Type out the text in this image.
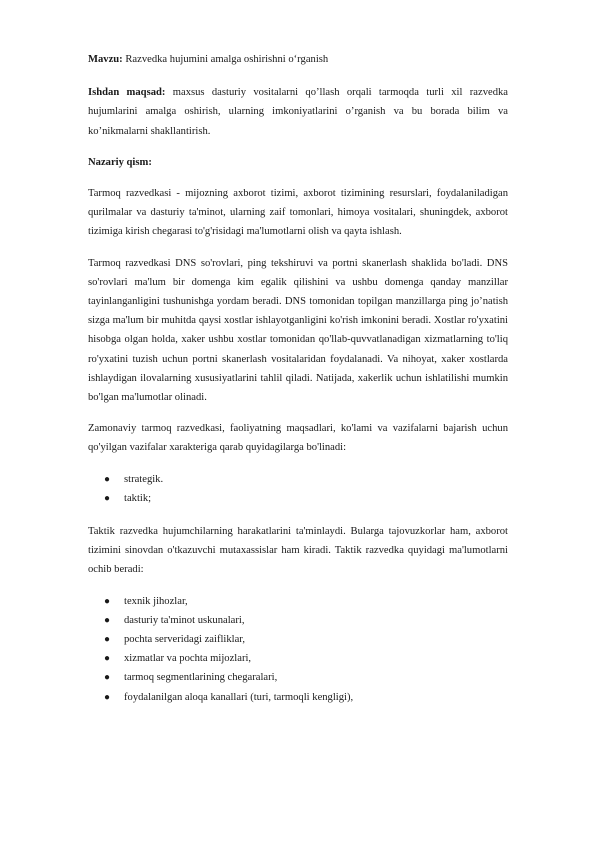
Mavzu: Razvedka hujumini amalga oshirishni o‘rganish

Ishdan maqsad: maxsus dasturiy vositalarni qo’llash orqali tarmoqda turli xil razvedka hujumlarini amalga oshirish, ularning imkoniyatlarini o’rganish va bu borada bilim va ko’nikmalarni shakllantirish.

Nazariy qism:

Tarmoq razvedkasi - mijozning axborot tizimi, axborot tizimining resurslari, foydalaniladigan qurilmalar va dasturiy ta'minot, ularning zaif tomonlari, himoya vositalari, shuningdek, axborot tizimiga kirish chegarasi to'g'risidagi ma'lumotlarni olish va qayta ishlash.

Tarmoq razvedkasi DNS so'rovlari, ping tekshiruvi va portni skanerlash shaklida bo'ladi. DNS so'rovlari ma'lum bir domenga kim egalik qilishini va ushbu domenga qanday manzillar tayinlanganligini tushunishga yordam beradi. DNS tomonidan topilgan manzillarga ping jo’natish sizga ma'lum bir muhitda qaysi xostlar ishlayotganligini ko'rish imkonini beradi. Xostlar ro'yxatini hisobga olgan holda, xaker ushbu xostlar tomonidan qo'llab-quvvatlanadigan xizmatlarning to'liq ro'yxatini tuzish uchun portni skanerlash vositalaridan foydalanadi. Va nihoyat, xaker xostlarda ishlaydigan ilovalarning xususiyatlarini tahlil qiladi. Natijada, xakerlik uchun ishlatilishi mumkin bo'lgan ma'lumotlar olinadi.

Zamonaviy tarmoq razvedkasi, faoliyatning maqsadlari, ko'lami va vazifalarni bajarish uchun qo'yilgan vazifalar xarakteriga qarab quyidagilarga bo'linadi:

● strategik.
● taktik;

Taktik razvedka hujumchilarning harakatlarini ta'minlaydi. Bularga tajovuzkorlar ham, axborot tizimini sinovdan o'tkazuvchi mutaxassislar ham kiradi. Taktik razvedka quyidagi ma'lumotlarni ochib beradi:

● texnik jihozlar,
● dasturiy ta'minot uskunalari,
● pochta serveridagi zaifliklar,
● xizmatlar va pochta mijozlari,
● tarmoq segmentlarining chegaralari,
● foydalanilgan aloqa kanallari (turi, tarmoqli kengligi),
